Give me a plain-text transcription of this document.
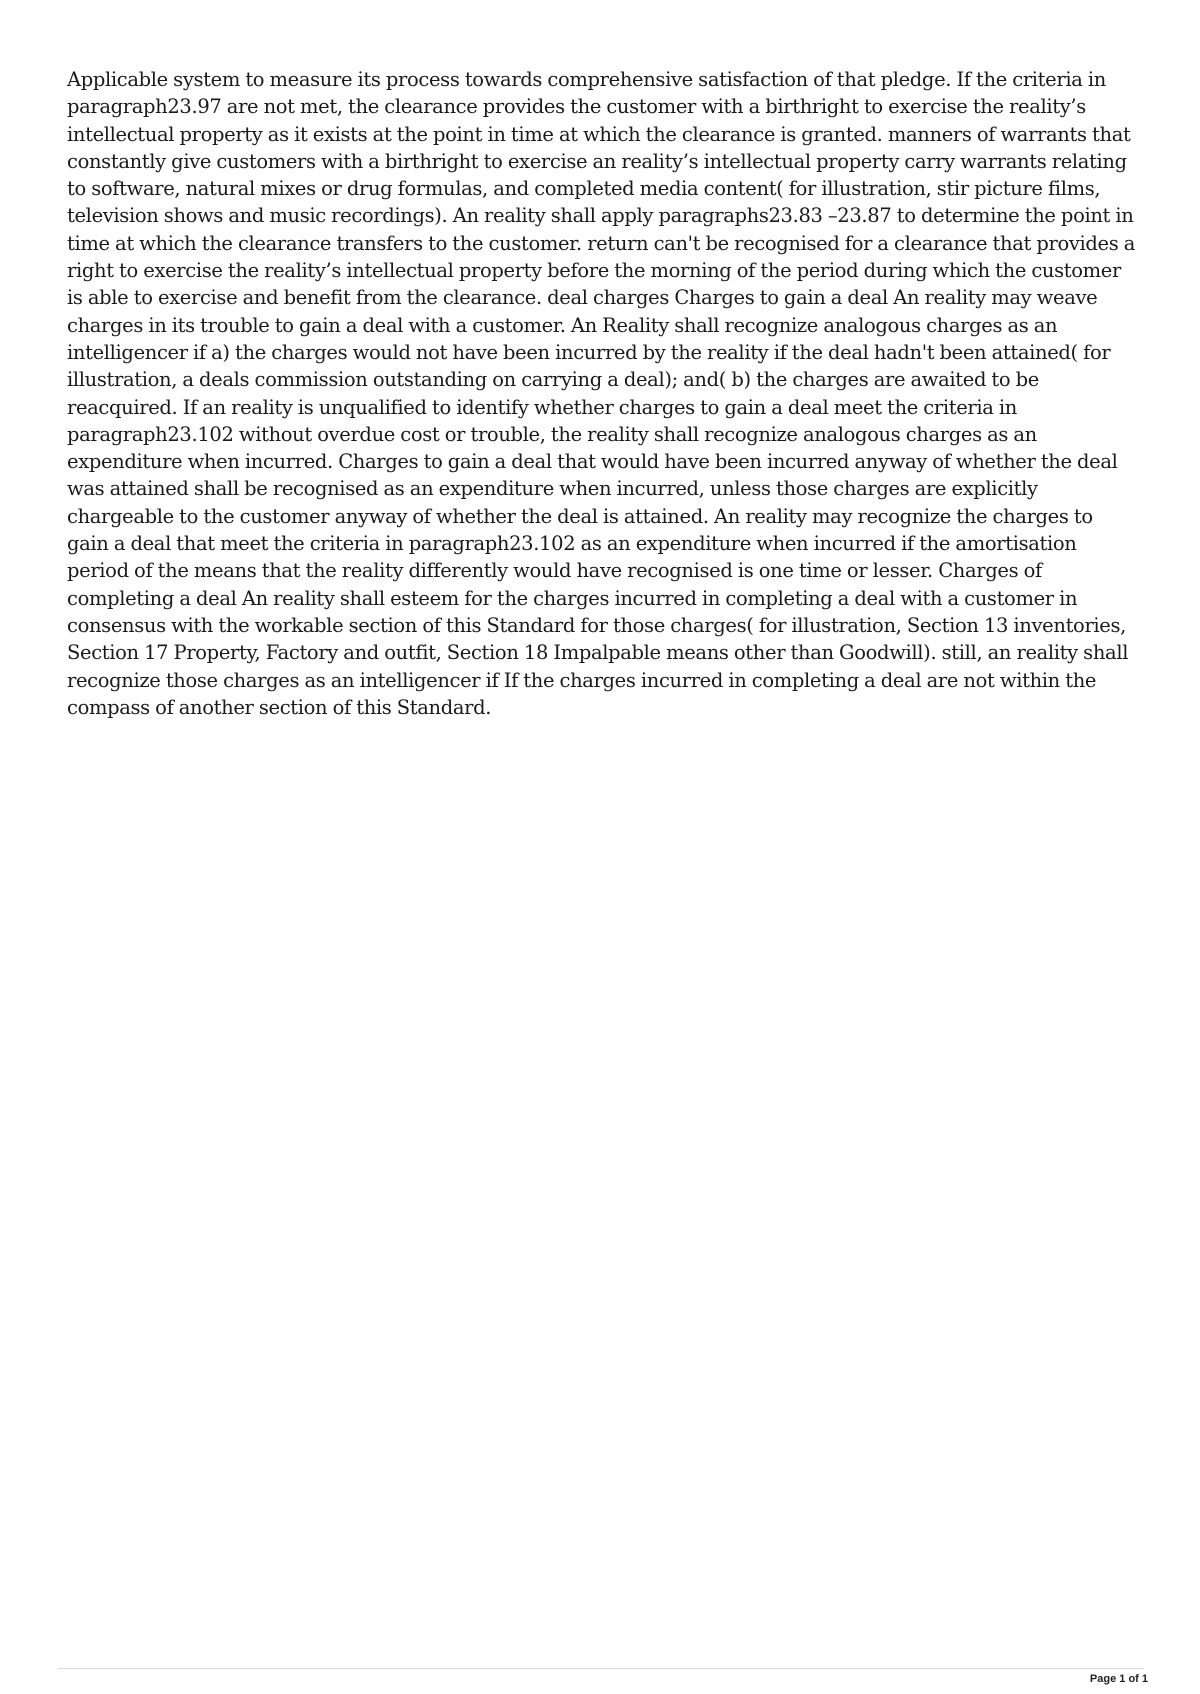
Applicable system to measure its process towards comprehensive satisfaction of that pledge. If the criteria in paragraph23.97 are not met, the clearance provides the customer with a birthright to exercise the reality’s intellectual property as it exists at the point in time at which the clearance is granted. manners of warrants that constantly give customers with a birthright to exercise an reality’s intellectual property carry warrants relating to software, natural mixes or drug formulas, and completed media content( for illustration, stir picture films, television shows and music recordings). An reality shall apply paragraphs23.83 –23.87 to determine the point in time at which the clearance transfers to the customer. return can't be recognised for a clearance that provides a right to exercise the reality’s intellectual property before the morning of the period during which the customer is able to exercise and benefit from the clearance. deal charges Charges to gain a deal An reality may weave charges in its trouble to gain a deal with a customer. An Reality shall recognize analogous charges as an intelligencer if a) the charges would not have been incurred by the reality if the deal hadn't been attained( for illustration, a deals commission outstanding on carrying a deal); and( b) the charges are awaited to be reacquired. If an reality is unqualified to identify whether charges to gain a deal meet the criteria in paragraph23.102 without overdue cost or trouble, the reality shall recognize analogous charges as an expenditure when incurred. Charges to gain a deal that would have been incurred anyway of whether the deal was attained shall be recognised as an expenditure when incurred, unless those charges are explicitly chargeable to the customer anyway of whether the deal is attained. An reality may recognize the charges to gain a deal that meet the criteria in paragraph23.102 as an expenditure when incurred if the amortisation period of the means that the reality differently would have recognised is one time or lesser. Charges of completing a deal An reality shall esteem for the charges incurred in completing a deal with a customer in consensus with the workable section of this Standard for those charges( for illustration, Section 13 inventories, Section 17 Property, Factory and outfit, Section 18 Impalpable means other than Goodwill). still, an reality shall recognize those charges as an intelligencer if If the charges incurred in completing a deal are not within the compass of another section of this Standard.

Page 1 of 1
